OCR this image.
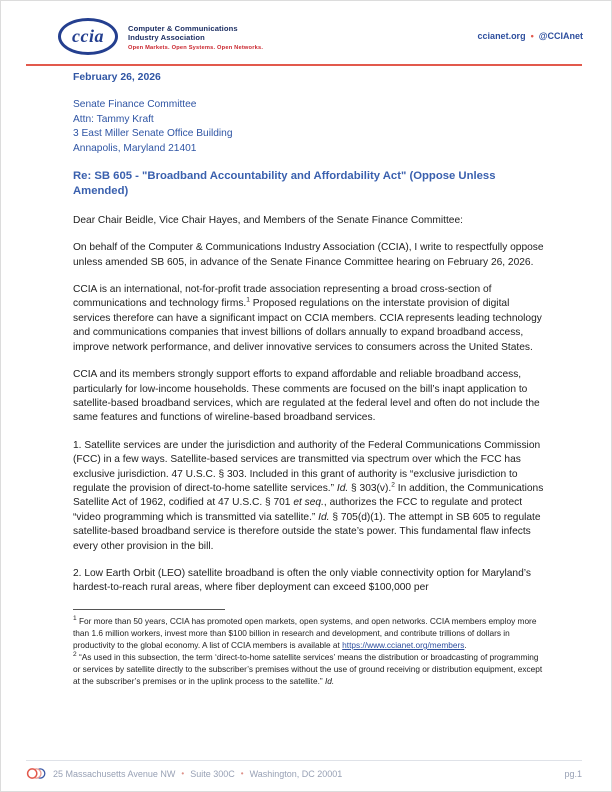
ccia	Computer & Communications
Industry Association
Open Markets. Open Systems. Open Networks.
ccianet.org • @CCIAnet
February 26, 2026
Senate Finance Committee
Attn: Tammy Kraft
3 East Miller Senate Office Building
Annapolis, Maryland 21401
Re: SB 605 - "Broadband Accountability and Affordability Act" (Oppose Unless Amended)
Dear Chair Beidle, Vice Chair Hayes, and Members of the Senate Finance Committee:

On behalf of the Computer & Communications Industry Association (CCIA), I write to respectfully oppose unless amended SB 605, in advance of the Senate Finance Committee hearing on February 26, 2026.

CCIA is an international, not-for-profit trade association representing a broad cross-section of communications and technology firms.$^1$ Proposed regulations on the interstate provision of digital services therefore can have a significant impact on CCIA members. CCIA represents leading technology and communications companies that invest billions of dollars annually to expand broadband access, improve network performance, and deliver innovative services to consumers across the United States.

CCIA and its members strongly support efforts to expand affordable and reliable broadband access, particularly for low-income households. These comments are focused on the bill’s inapt application to satellite-based broadband services, which are regulated at the federal level and often do not include the same features and functions of wireline-based broadband services.

1. Satellite services are under the jurisdiction and authority of the Federal Communications Commission (FCC) in a few ways. Satellite-based services are transmitted via spectrum over which the FCC has exclusive jurisdiction. 47 U.S.C. § 303. Included in this grant of authority is “exclusive jurisdiction to regulate the provision of direct-to-home satellite services.” Id. § 303(v).$^2$ In addition, the Communications Satellite Act of 1962, codified at 47 U.S.C. § 701 et seq., authorizes the FCC to regulate and protect “video programming which is transmitted via satellite.” Id. § 705(d)(1). The attempt in SB 605 to regulate satellite-based broadband service is therefore outside the state’s power. This fundamental flaw infects every other provision in the bill.

2. Low Earth Orbit (LEO) satellite broadband is often the only viable connectivity option for Maryland’s hardest-to-reach rural areas, where fiber deployment can exceed $100,000 per

$^1$ For more than 50 years, CCIA has promoted open markets, open systems, and open networks. CCIA members employ more than 1.6 million workers, invest more than $100 billion in research and development, and contribute trillions of dollars in productivity to the global economy. A list of CCIA members is available at https://www.ccianet.org/members.
$^2$ “As used in this subsection, the term ‘direct-to-home satellite services’ means the distribution or broadcasting of programming or services by satellite directly to the subscriber’s premises without the use of ground receiving or distribution equipment, except at the subscriber’s premises or in the uplink process to the satellite.” Id.
25 Massachusetts Avenue NW • Suite 300C • Washington, DC 20001	pg.1
